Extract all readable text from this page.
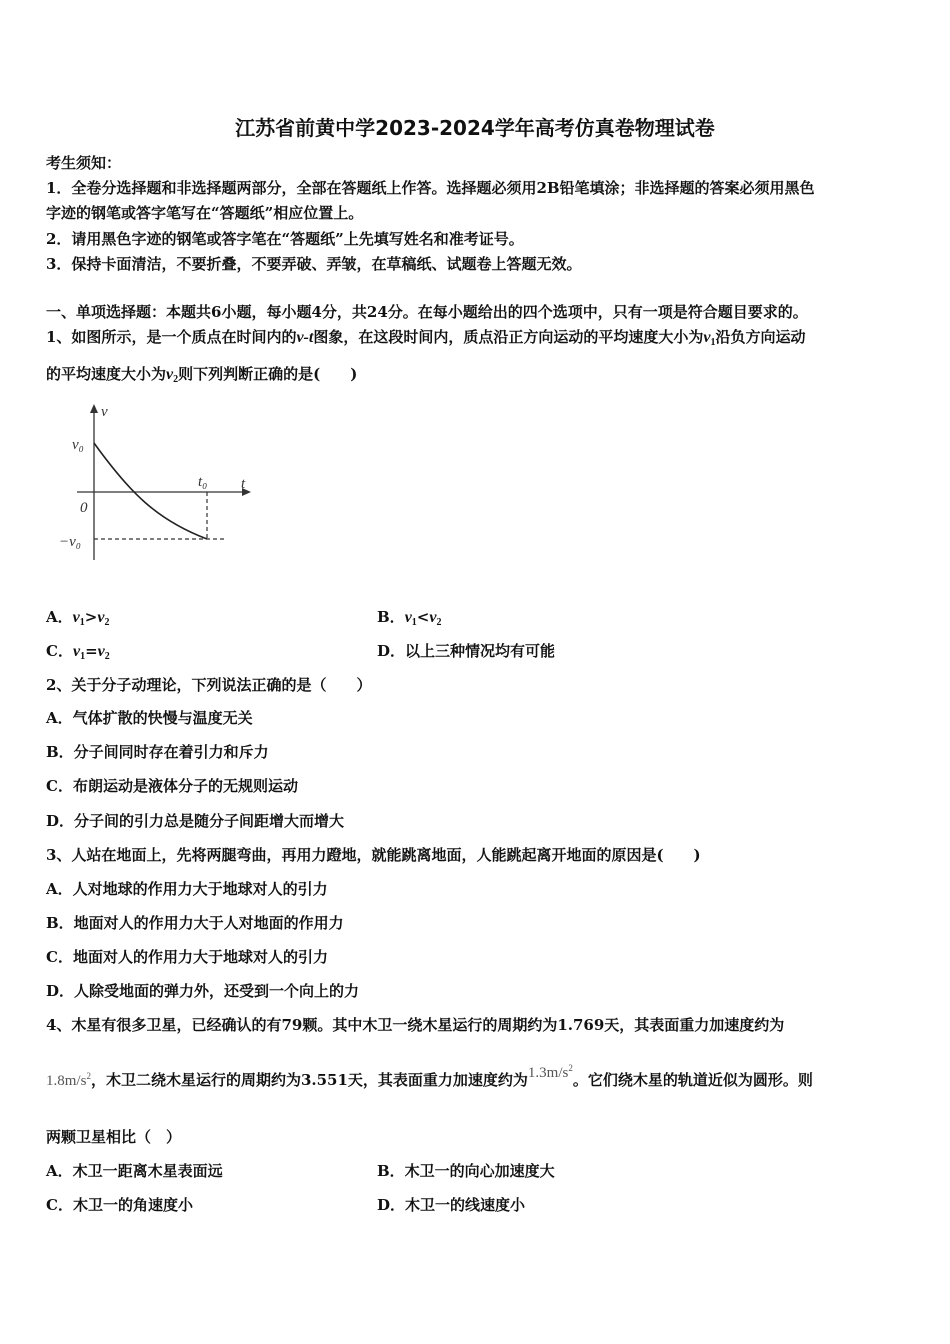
江苏省前黄中学2023-2024学年高考仿真卷物理试卷
考生须知：
1．全卷分选择题和非选择题两部分，全部在答题纸上作答。选择题必须用2B铅笔填涂；非选择题的答案必须用黑色
字迹的钢笔或答字笔写在“答题纸”相应位置上。
2．请用黑色字迹的钢笔或答字笔在“答题纸”上先填写姓名和准考证号。
3．保持卡面清洁，不要折叠，不要弄破、弄皱，在草稿纸、试题卷上答题无效。
一、单项选择题：本题共6小题，每小题4分，共24分。在每小题给出的四个选项中，只有一项是符合题目要求的。
1、如图所示，是一个质点在时间内的v-t图象，在这段时间内，质点沿正方向运动的平均速度大小为$v_1$沿负方向运动
的平均速度大小为$v_2$则下列判断正确的是(　　)
v
t
v₀
t₀
0
−v₀
A．$v_1>v_2$	B．$v_1<v_2$
C．$v_1=v_2$	D．以上三种情况均有可能
2、关于分子动理论，下列说法正确的是（　　）
A．气体扩散的快慢与温度无关
B．分子间同时存在着引力和斥力
C．布朗运动是液体分子的无规则运动
D．分子间的引力总是随分子间距增大而增大
3、人站在地面上，先将两腿弯曲，再用力蹬地，就能跳离地面，人能跳起离开地面的原因是(　　)
A．人对地球的作用力大于地球对人的引力
B．地面对人的作用力大于人对地面的作用力
C．地面对人的作用力大于地球对人的引力
D．人除受地面的弹力外，还受到一个向上的力
4、木星有很多卫星，已经确认的有79颗。其中木卫一绕木星运行的周期约为1.769天，其表面重力加速度约为
$1.8m/s^2$，木卫二绕木星运行的周期约为3.551天，其表面重力加速度约为$1.3m/s^2$。它们绕木星的轨道近似为圆形。则
两颗卫星相比（　）
A．木卫一距离木星表面远	B．木卫一的向心加速度大
C．木卫一的角速度小	D．木卫一的线速度小
